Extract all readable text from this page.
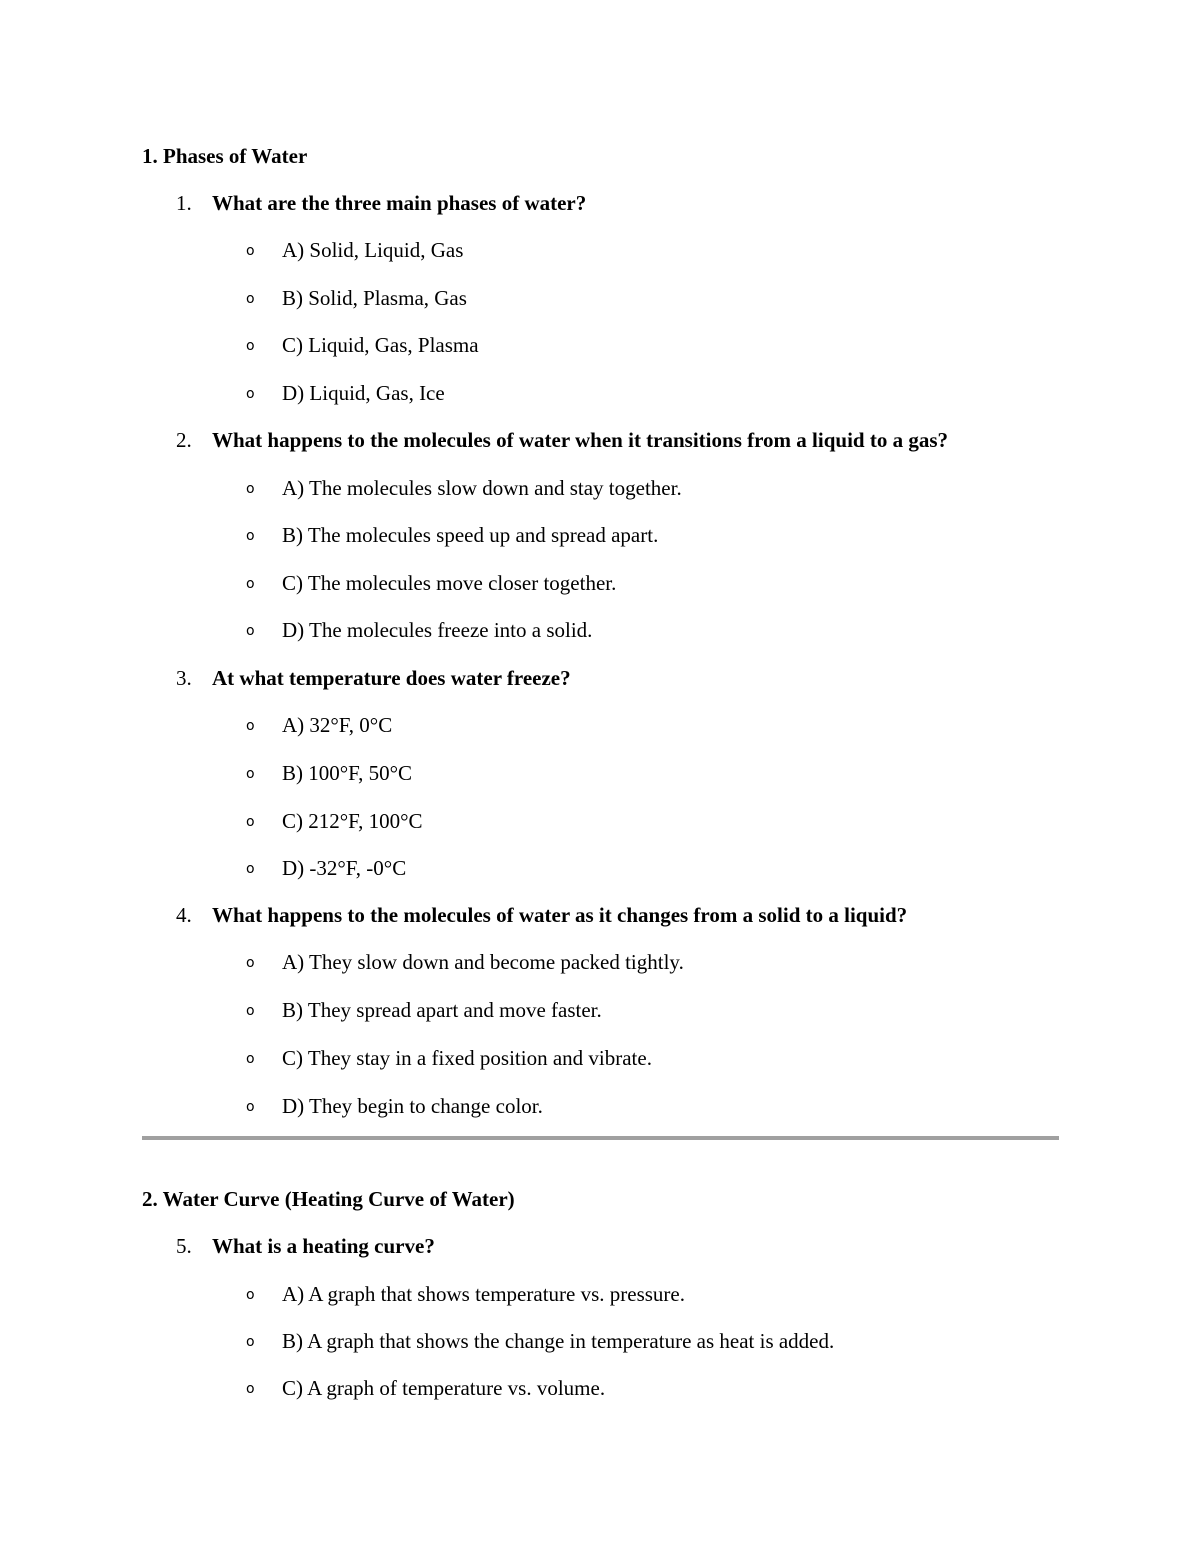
1. Phases of Water
1. What are the three main phases of water?
o A) Solid, Liquid, Gas
o B) Solid, Plasma, Gas
o C) Liquid, Gas, Plasma
o D) Liquid, Gas, Ice
2. What happens to the molecules of water when it transitions from a liquid to a gas?
o A) The molecules slow down and stay together.
o B) The molecules speed up and spread apart.
o C) The molecules move closer together.
o D) The molecules freeze into a solid.
3. At what temperature does water freeze?
o A) 32°F, 0°C
o B) 100°F, 50°C
o C) 212°F, 100°C
o D) -32°F, -0°C
4. What happens to the molecules of water as it changes from a solid to a liquid?
o A) They slow down and become packed tightly.
o B) They spread apart and move faster.
o C) They stay in a fixed position and vibrate.
o D) They begin to change color.
2. Water Curve (Heating Curve of Water)
5. What is a heating curve?
o A) A graph that shows temperature vs. pressure.
o B) A graph that shows the change in temperature as heat is added.
o C) A graph of temperature vs. volume.
